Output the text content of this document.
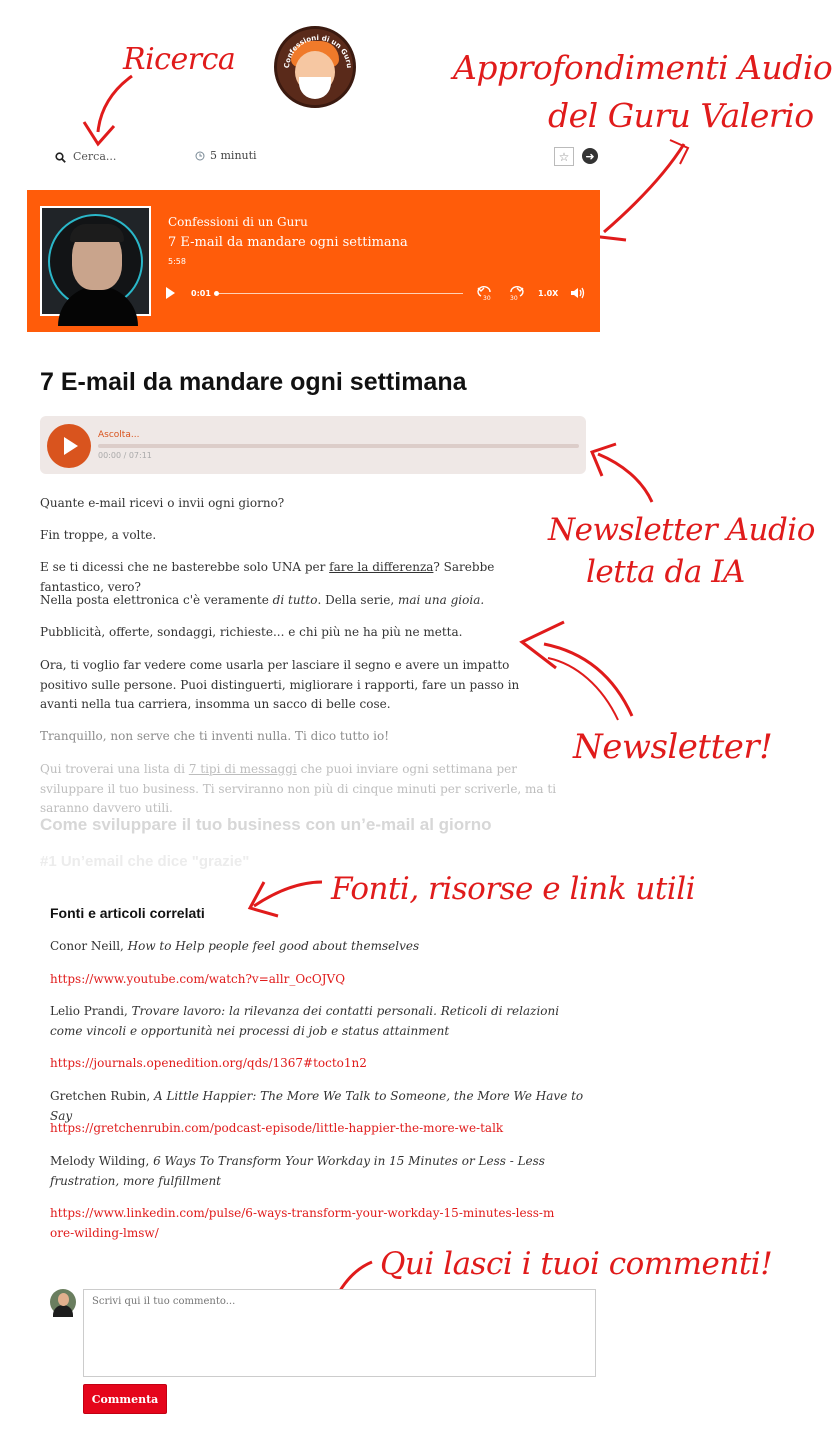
Ricerca	Approfondimenti Audio
del Guru Valerio
Newsletter Audio
letta da IA
Newsletter!
Fonti, risorse e link utili
Qui lasci i tuoi commenti!
Confessioni di un Guru
Cerca...	5 minuti	☆ ➜
Confessioni di un Guru
7 E-mail da mandare ogni settimana
5:58
0:01
30	30
1.0X
7 E-mail da mandare ogni settimana
Ascolta...
00:00 / 07:11

Quante e-mail ricevi o invii ogni giorno?

Fin troppe, a volte.

E se ti dicessi che ne basterebbe solo UNA per fare la differenza? Sarebbe fantastico, vero?

Nella posta elettronica c'è veramente di tutto. Della serie, mai una gioia.

Pubblicità, offerte, sondaggi, richieste... e chi più ne ha più ne metta.

Ora, ti voglio far vedere come usarla per lasciare il segno e avere un impatto positivo sulle persone. Puoi distinguerti, migliorare i rapporti, fare un passo in avanti nella tua carriera, insomma un sacco di belle cose.

Tranquillo, non serve che ti inventi nulla. Ti dico tutto io!

Qui troverai una lista di 7 tipi di messaggi che puoi inviare ogni settimana per sviluppare il tuo business. Ti serviranno non più di cinque minuti per scriverle, ma ti saranno davvero utili.

Come sviluppare il tuo business con un’e-mail al giorno
#1 Un’email che dice "grazie"
Fonti e articoli correlati

Conor Neill, How to Help people feel good about themselves

https://www.youtube.com/watch?v=allr_OcOJVQ

Lelio Prandi, Trovare lavoro: la rilevanza dei contatti personali. Reticoli di relazioni come vincoli e opportunità nei processi di job e status attainment

https://journals.openedition.org/qds/1367#tocto1n2

Gretchen Rubin, A Little Happier: The More We Talk to Someone, the More We Have to Say

https://gretchenrubin.com/podcast-episode/little-happier-the-more-we-talk

Melody Wilding, 6 Ways To Transform Your Workday in 15 Minutes or Less - Less frustration, more fulfillment

https://www.linkedin.com/pulse/6-ways-transform-your-workday-15-minutes-less-more-wilding-lmsw/
Scrivi qui il tuo commento...
Commenta
